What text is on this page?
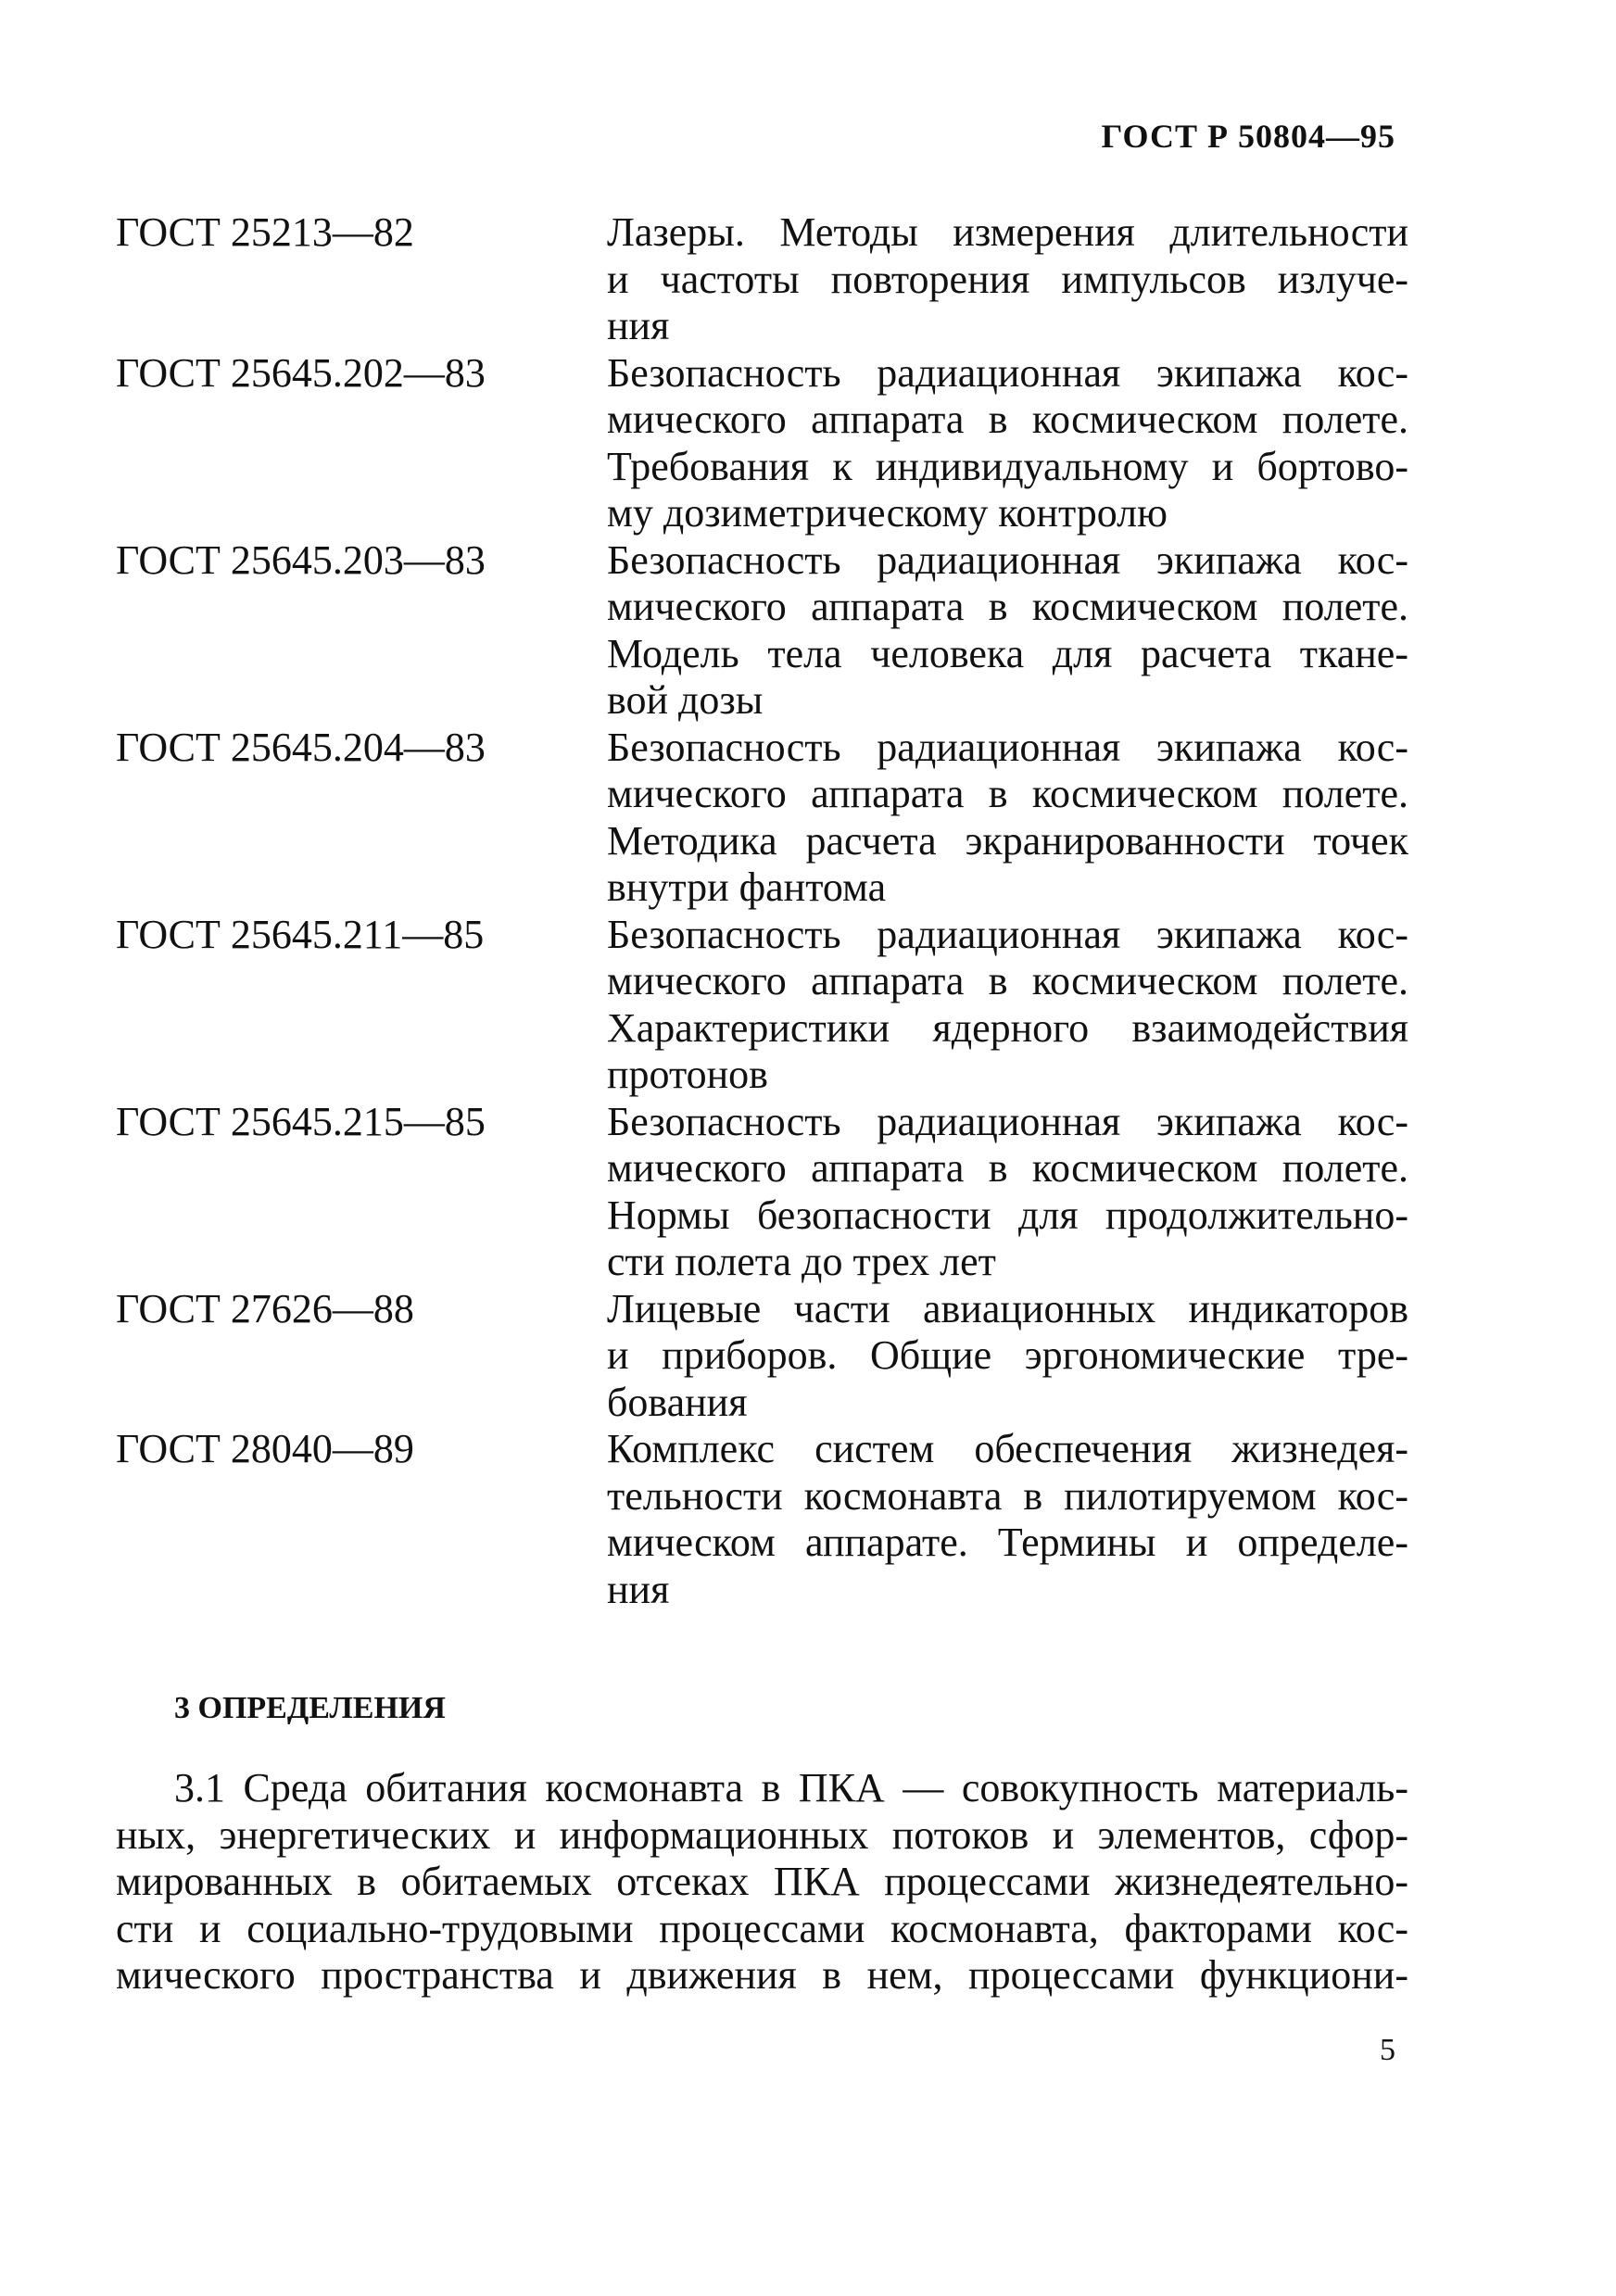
ГОСТ Р 50804—95
ГОСТ 25213—82	Лазеры. Методы измерения длительности
и частоты повторения импульсов излуче-
ния
ГОСТ 25645.202—83	Безопасность радиационная экипажа кос-
мического аппарата в космическом полете.
Требования к индивидуальному и бортово-
му дозиметрическому контролю
ГОСТ 25645.203—83	Безопасность радиационная экипажа кос-
мического аппарата в космическом полете.
Модель тела человека для расчета ткане-
вой дозы
ГОСТ 25645.204—83	Безопасность радиационная экипажа кос-
мического аппарата в космическом полете.
Методика расчета экранированности точек
внутри фантома
ГОСТ 25645.211—85	Безопасность радиационная экипажа кос-
мического аппарата в космическом полете.
Характеристики ядерного взаимодействия
протонов
ГОСТ 25645.215—85	Безопасность радиационная экипажа кос-
мического аппарата в космическом полете.
Нормы безопасности для продолжительно-
сти полета до трех лет
ГОСТ 27626—88	Лицевые части авиационных индикаторов
и приборов. Общие эргономические тре-
бования
ГОСТ 28040—89	Комплекс систем обеспечения жизнедея-
тельности космонавта в пилотируемом кос-
мическом аппарате. Термины и определе-
ния
3 ОПРЕДЕЛЕНИЯ
3.1 Среда обитания космонавта в ПКА — совокупность материаль-
ных, энергетических и информационных потоков и элементов, сфор-
мированных в обитаемых отсеках ПКА процессами жизнедеятельно-
сти и социально-трудовыми процессами космонавта, факторами кос-
мического пространства и движения в нем, процессами функциони-
5
